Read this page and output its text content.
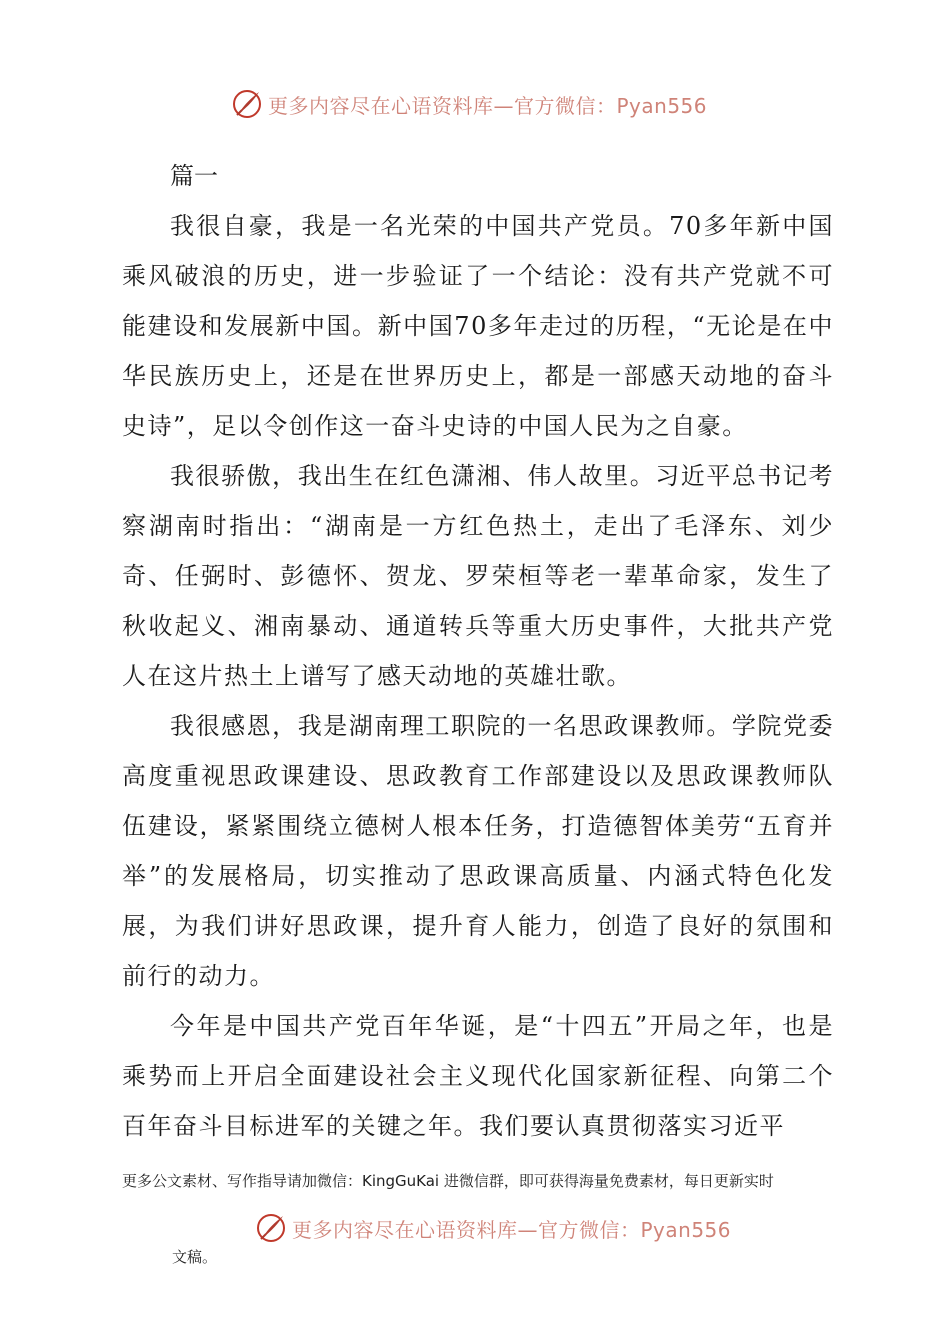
更多内容尽在心语资料库—官方微信：Pyan556
篇一

我很自豪，我是一名光荣的中国共产党员。70多年新中国乘风破浪的历史，进一步验证了一个结论：没有共产党就不可能建设和发展新中国。新中国70多年走过的历程，“无论是在中华民族历史上，还是在世界历史上，都是一部感天动地的奋斗史诗”，足以令创作这一奋斗史诗的中国人民为之自豪。

我很骄傲，我出生在红色潇湘、伟人故里。习近平总书记考察湖南时指出：“湖南是一方红色热土，走出了毛泽东、刘少奇、任弼时、彭德怀、贺龙、罗荣桓等老一辈革命家，发生了秋收起义、湘南暴动、通道转兵等重大历史事件，大批共产党人在这片热土上谱写了感天动地的英雄壮歌。

我很感恩，我是湖南理工职院的一名思政课教师。学院党委高度重视思政课建设、思政教育工作部建设以及思政课教师队伍建设，紧紧围绕立德树人根本任务，打造德智体美劳“五育并举”的发展格局，切实推动了思政课高质量、内涵式特色化发展，为我们讲好思政课，提升育人能力，创造了良好的氛围和前行的动力。

今年是中国共产党百年华诞，是“十四五”开局之年，也是乘势而上开启全面建设社会主义现代化国家新征程、向第二个百年奋斗目标进军的关键之年。我们要认真贯彻落实习近平

更多公文素材、写作指导请加微信：KingGuKai 进微信群，即可获得海量免费素材，每日更新实时
更多内容尽在心语资料库—官方微信：Pyan556
文稿。
